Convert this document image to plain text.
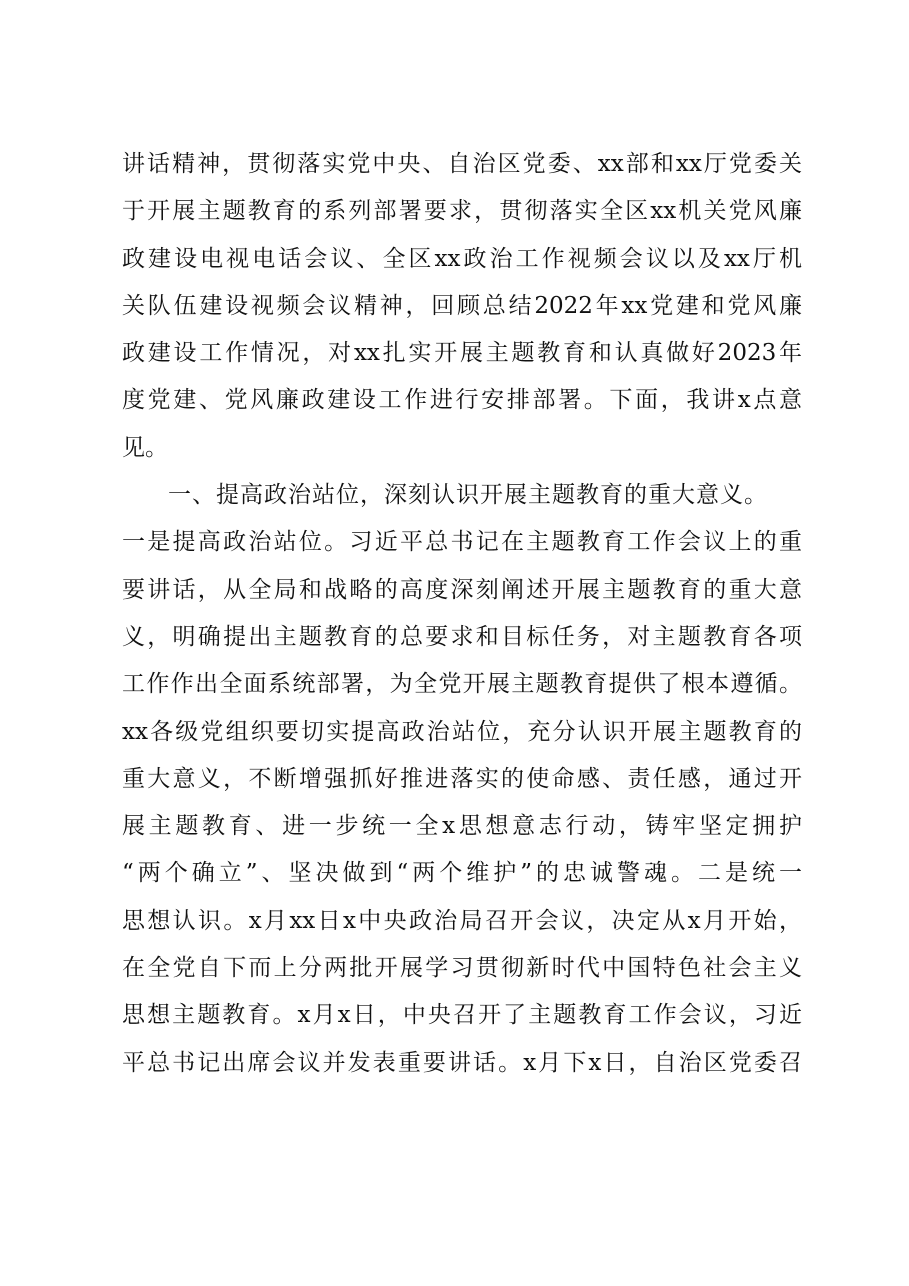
讲话精神，贯彻落实党中央、自治区党委、xx部和xx厅党委关
于开展主题教育的系列部署要求，贯彻落实全区xx机关党风廉
政建设电视电话会议、全区xx政治工作视频会议以及xx厅机
关队伍建设视频会议精神，回顾总结2022年xx党建和党风廉
政建设工作情况，对xx扎实开展主题教育和认真做好2023年
度党建、党风廉政建设工作进行安排部署。下面，我讲x点意
见。
一、提高政治站位，深刻认识开展主题教育的重大意义。
一是提高政治站位。习近平总书记在主题教育工作会议上的重
要讲话，从全局和战略的高度深刻阐述开展主题教育的重大意
义，明确提出主题教育的总要求和目标任务，对主题教育各项
工作作出全面系统部署，为全党开展主题教育提供了根本遵循。
xx各级党组织要切实提高政治站位，充分认识开展主题教育的
重大意义，不断增强抓好推进落实的使命感、责任感，通过开
展主题教育、进一步统一全x思想意志行动，铸牢坚定拥护
“两个确立”、坚决做到“两个维护”的忠诚警魂。二是统一
思想认识。x月xx日x中央政治局召开会议，决定从x月开始，
在全党自下而上分两批开展学习贯彻新时代中国特色社会主义
思想主题教育。x月x日，中央召开了主题教育工作会议，习近
平总书记出席会议并发表重要讲话。x月下x日，自治区党委召
